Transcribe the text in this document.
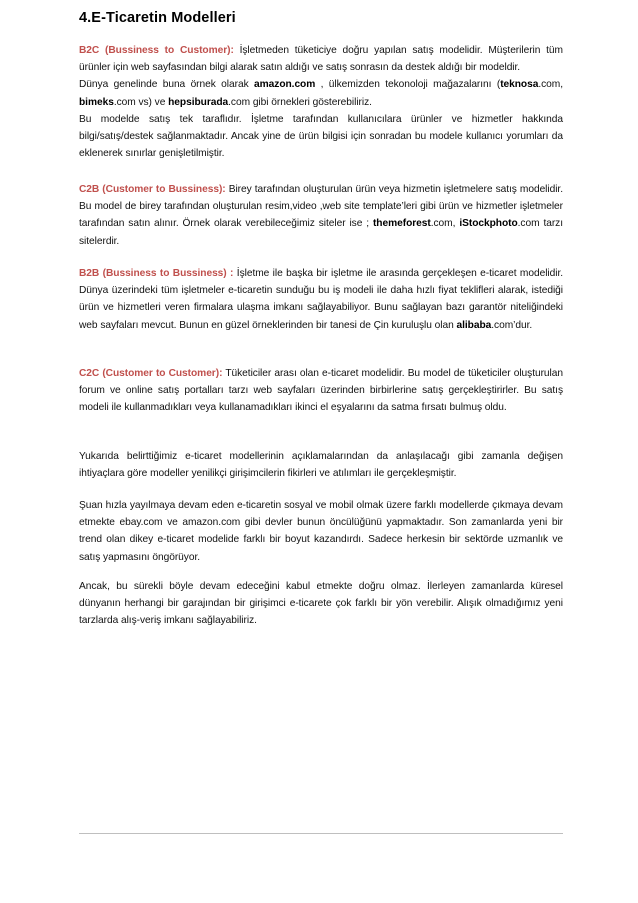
4.E-Ticaretin Modelleri

B2C (Bussiness to Customer): İşletmeden tüketiciye doğru yapılan satış modelidir. Müşterilerin tüm ürünler için web sayfasından bilgi alarak satın aldığı ve satış sonrasın da destek aldığı bir modeldir.

Dünya genelinde buna örnek olarak amazon.com , ülkemizden tekonoloji mağazalarını (teknosa.com, bimeks.com vs) ve hepsiburada.com gibi örnekleri gösterebiliriz.

Bu modelde satış tek taraflıdır. İşletme tarafından kullanıcılara ürünler ve hizmetler hakkında bilgi/satış/destek sağlanmaktadır. Ancak yine de ürün bilgisi için sonradan bu modele kullanıcı yorumları da eklenerek sınırlar genişletilmiştir.

C2B (Customer to Bussiness): Birey tarafından oluşturulan ürün veya hizmetin işletmelere satış modelidir. Bu model de birey tarafından oluşturulan resim,video ,web site template’leri gibi ürün ve hizmetler işletmeler tarafından satın alınır. Örnek olarak verebileceğimiz siteler ise ; themeforest.com, iStockphoto.com tarzı sitelerdir.

B2B (Bussiness to Bussiness) : İşletme ile başka bir işletme ile arasında gerçekleşen e-ticaret modelidir. Dünya üzerindeki tüm işletmeler e-ticaretin sunduğu bu iş modeli ile daha hızlı fiyat teklifleri alarak, istediği ürün ve hizmetleri veren firmalara ulaşma imkanı sağlayabiliyor. Bunu sağlayan bazı garantör niteliğindeki web sayfaları mevcut. Bunun en güzel örneklerinden bir tanesi de Çin kuruluşlu olan alibaba.com’dur.

C2C (Customer to Customer): Tüketiciler arası olan e-ticaret modelidir. Bu model de tüketiciler oluşturulan forum ve online satış portalları tarzı web sayfaları üzerinden birbirlerine satış gerçekleştirirler. Bu satış modeli ile kullanmadıkları veya kullanamadıkları ikinci el eşyalarını da satma fırsatı bulmuş oldu.

Yukarıda belirttiğimiz e-ticaret modellerinin açıklamalarından da anlaşılacağı gibi zamanla değişen ihtiyaçlara göre modeller yenilikçi girişimcilerin fikirleri ve atılımları ile gerçekleşmiştir.

Şuan hızla yayılmaya devam eden e-ticaretin sosyal ve mobil olmak üzere farklı modellerde çıkmaya devam etmekte ebay.com ve amazon.com gibi devler bunun öncülüğünü yapmaktadır. Son zamanlarda yeni bir trend olan dikey e-ticaret modelide farklı bir boyut kazandırdı. Sadece herkesin bir sektörde uzmanlık ve satış yapmasını öngörüyor.

Ancak, bu sürekli böyle devam edeceğini kabul etmekte doğru olmaz. İlerleyen zamanlarda küresel dünyanın herhangi bir garajından bir girişimci e-ticarete çok farklı bir yön verebilir. Alışık olmadığımız yeni tarzlarda alış-veriş imkanı sağlayabiliriz.
